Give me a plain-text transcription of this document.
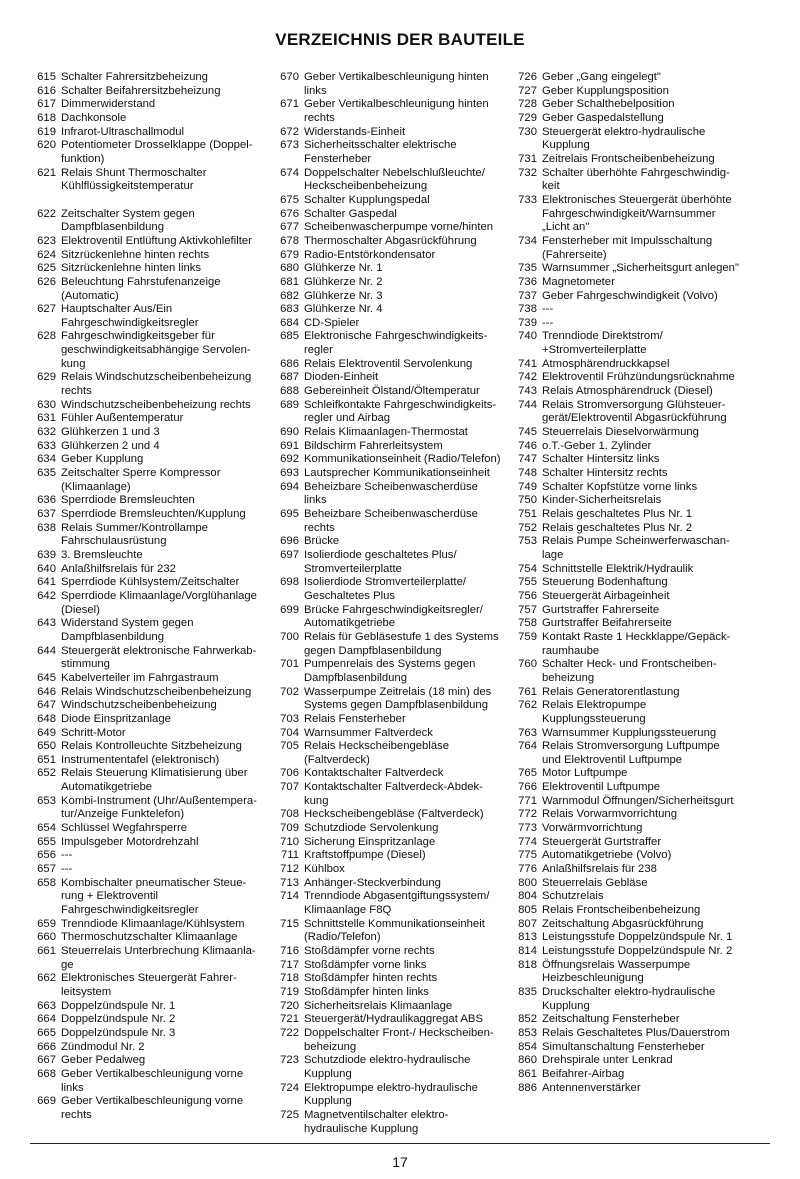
VERZEICHNIS DER BAUTEILE
615 Schalter Fahrersitzbeheizung
616 Schalter Beifahrersitzbeheizung
617 Dimmerwiderstand
618 Dachkonsole
619 Infrarot-Ultraschallmodul
620 Potentiometer Drosselklappe (Doppel-
funktion)
621 Relais Shunt Thermoschalter
Kühlflüssigkeitstemperatur

622 Zeitschalter System gegen
Dampfblasenbildung
623 Elektroventil Entlüftung Aktivkohlefilter
624 Sitzrückenlehne hinten rechts
625 Sitzrückenlehne hinten links
626 Beleuchtung Fahrstufenanzeige
(Automatic)
627 Hauptschalter Aus/Ein
Fahrgeschwindigkeitsregler
628 Fahrgeschwindigkeitsgeber für
geschwindigkeitsabhängige Servolen-
kung
629 Relais Windschutzscheibenbeheizung
rechts
630 Windschutzscheibenbeheizung rechts
631 Fühler Außentemperatur
632 Glühkerzen 1 und 3
633 Glühkerzen 2 und 4
634 Geber Kupplung
635 Zeitschalter Sperre Kompressor
(Klimaanlage)
636 Sperrdiode Bremsleuchten
637 Sperrdiode Bremsleuchten/Kupplung
638 Relais Summer/Kontrollampe
Fahrschulausrüstung
639 3. Bremsleuchte
640 Anlaßhilfsrelais für 232
641 Sperrdiode Kühlsystem/Zeitschalter
642 Sperrdiode Klimaanlage/Vorglühanlage
(Diesel)
643 Widerstand System gegen
Dampfblasenbildung
644 Steuergerät elektronische Fahrwerkab-
stimmung
645 Kabelverteiler im Fahrgastraum
646 Relais Windschutzscheibenbeheizung
647 Windschutzscheibenbeheizung
648 Diode Einspritzanlage
649 Schritt-Motor
650 Relais Kontrolleuchte Sitzbeheizung
651 Instrumententafel (elektronisch)
652 Relais Steuerung Klimatisierung über
Automatikgetriebe
653 Kombi-Instrument (Uhr/Außentempera-
tur/Anzeige Funktelefon)
654 Schlüssel Wegfahrsperre
655 Impulsgeber Motordrehzahl
656 ---
657 ---
658 Kombischalter pneumatischer Steue-
rung + Elektroventil
Fahrgeschwindigkeitsregler
659 Trenndiode Klimaanlage/Kühlsystem
660 Thermoschutzschalter Klimaanlage
661 Steuerrelais Unterbrechung Klimaanla-
ge
662 Elektronisches Steuergerät Fahrer-
leitsystem
663 Doppelzündspule Nr. 1
664 Doppelzündspule Nr. 2
665 Doppelzündspule Nr. 3
666 Zündmodul Nr. 2
667 Geber Pedalweg
668 Geber Vertikalbeschleunigung vorne
links
669 Geber Vertikalbeschleunigung vorne
rechts
670 Geber Vertikalbeschleunigung hinten
links
671 Geber Vertikalbeschleunigung hinten
rechts
672 Widerstands-Einheit
673 Sicherheitsschalter elektrische
Fensterheber
674 Doppelschalter Nebelschlußleuchte/
Heckscheibenbeheizung
675 Schalter Kupplungspedal
676 Schalter Gaspedal
677 Scheibenwascherpumpe vorne/hinten
678 Thermoschalter Abgasrückführung
679 Radio-Entstörkondensator
680 Glühkerze Nr. 1
681 Glühkerze Nr. 2
682 Glühkerze Nr. 3
683 Glühkerze Nr. 4
684 CD-Spieler
685 Elektronische Fahrgeschwindigkeits-
regler
686 Relais Elektroventil Servolenkung
687 Dioden-Einheit
688 Gebereinheit Ölstand/Öltemperatur
689 Schleifkontakte Fahrgeschwindigkeits-
regler und Airbag
690 Relais Klimaanlagen-Thermostat
691 Bildschirm Fahrerleitsystem
692 Kommunikationseinheit (Radio/Telefon)
693 Lautsprecher Kommunikationseinheit
694 Beheizbare Scheibenwascherdüse
links
695 Beheizbare Scheibenwascherdüse
rechts
696 Brücke
697 Isolierdiode geschaltetes Plus/
Stromverteilerplatte
698 Isolierdiode Stromverteilerplatte/
Geschaltetes Plus
699 Brücke Fahrgeschwindigkeitsregler/
Automatikgetriebe
700 Relais für Gebläsestufe 1 des Systems
gegen Dampfblasenbildung
701 Pumpenrelais des Systems gegen
Dampfblasenbildung
702 Wasserpumpe Zeitrelais (18 min) des
Systems gegen Dampfblasenbildung
703 Relais Fensterheber
704 Warnsummer Faltverdeck
705 Relais Heckscheibengebläse
(Faltverdeck)
706 Kontaktschalter Faltverdeck
707 Kontaktschalter Faltverdeck-Abdek-
kung
708 Heckscheibengebläse (Faltverdeck)
709 Schutzdiode Servolenkung
710 Sicherung Einspritzanlage
711 Kraftstoffpumpe (Diesel)
712 Kühlbox
713 Anhänger-Steckverbindung
714 Trenndiode Abgasentgiftungssystem/
Klimaanlage F8Q
715 Schnittstelle Kommunikationseinheit
(Radio/Telefon)
716 Stoßdämpfer vorne rechts
717 Stoßdämpfer vorne links
718 Stoßdämpfer hinten rechts
719 Stoßdämpfer hinten links
720 Sicherheitsrelais Klimaanlage
721 Steuergerät/Hydraulikaggregat ABS
722 Doppelschalter Front-/ Heckscheiben-
beheizung
723 Schutzdiode elektro-hydraulische
Kupplung
724 Elektropumpe elektro-hydraulische
Kupplung
725 Magnetventilschalter elektro-
hydraulische Kupplung
726 Geber „Gang eingelegt"
727 Geber Kupplungsposition
728 Geber Schalthebelposition
729 Geber Gaspedalstellung
730 Steuergerät elektro-hydraulische
Kupplung
731 Zeitrelais Frontscheibenbeheizung
732 Schalter überhöhte Fahrgeschwindig-
keit
733 Elektronisches Steuergerät überhöhte
Fahrgeschwindigkeit/Warnsummer
„Licht an"
734 Fensterheber mit Impulsschaltung
(Fahrerseite)
735 Warnsummer „Sicherheitsgurt anlegen"
736 Magnetometer
737 Geber Fahrgeschwindigkeit (Volvo)
738 ---
739 ---
740 Trenndiode Direktstrom/
+Stromverteilerplatte
741 Atmosphärendruckkapsel
742 Elektroventil Frühzündungsrücknahme
743 Relais Atmosphärendruck (Diesel)
744 Relais Stromversorgung Glühsteuer-
gerät/Elektroventil Abgasrückführung
745 Steuerrelais Dieselvorwärmung
746 o.T.-Geber 1. Zylinder
747 Schalter Hintersitz links
748 Schalter Hintersitz rechts
749 Schalter Kopfstütze vorne links
750 Kinder-Sicherheitsrelais
751 Relais geschaltetes Plus Nr. 1
752 Relais geschaltetes Plus Nr. 2
753 Relais Pumpe Scheinwerferwaschan-
lage
754 Schnittstelle Elektrik/Hydraulik
755 Steuerung Bodenhaftung
756 Steuergerät Airbageinheit
757 Gurtstraffer Fahrerseite
758 Gurtstraffer Beifahrerseite
759 Kontakt Raste 1 Heckklappe/Gepäck-
raumhaube
760 Schalter Heck- und Frontscheiben-
beheizung
761 Relais Generatorentlastung
762 Relais Elektropumpe
Kupplungssteuerung
763 Warnsummer Kupplungssteuerung
764 Relais Stromversorgung Luftpumpe
und Elektroventil Luftpumpe
765 Motor Luftpumpe
766 Elektroventil Luftpumpe
771 Warnmodul Öffnungen/Sicherheitsgurt
772 Relais Vorwarmvorrichtung
773 Vorwärmvorrichtung
774 Steuergerät Gurtstraffer
775 Automatikgetriebe (Volvo)
776 Anlaßhilfsrelais für 238
800 Steuerrelais Gebläse
804 Schutzrelais
805 Relais Frontscheibenbeheizung
807 Zeitschaltung Abgasrückführung
813 Leistungsstufe Doppelzündspule Nr. 1
814 Leistungsstufe Doppelzündspule Nr. 2
818 Öffnungsrelais Wasserpumpe
Heizbeschleunigung
835 Druckschalter elektro-hydraulische
Kupplung
852 Zeitschaltung Fensterheber
853 Relais Geschaltetes Plus/Dauerstrom
854 Simultanschaltung Fensterheber
860 Drehspirale unter Lenkrad
861 Beifahrer-Airbag
886 Antennenverstärker
17
